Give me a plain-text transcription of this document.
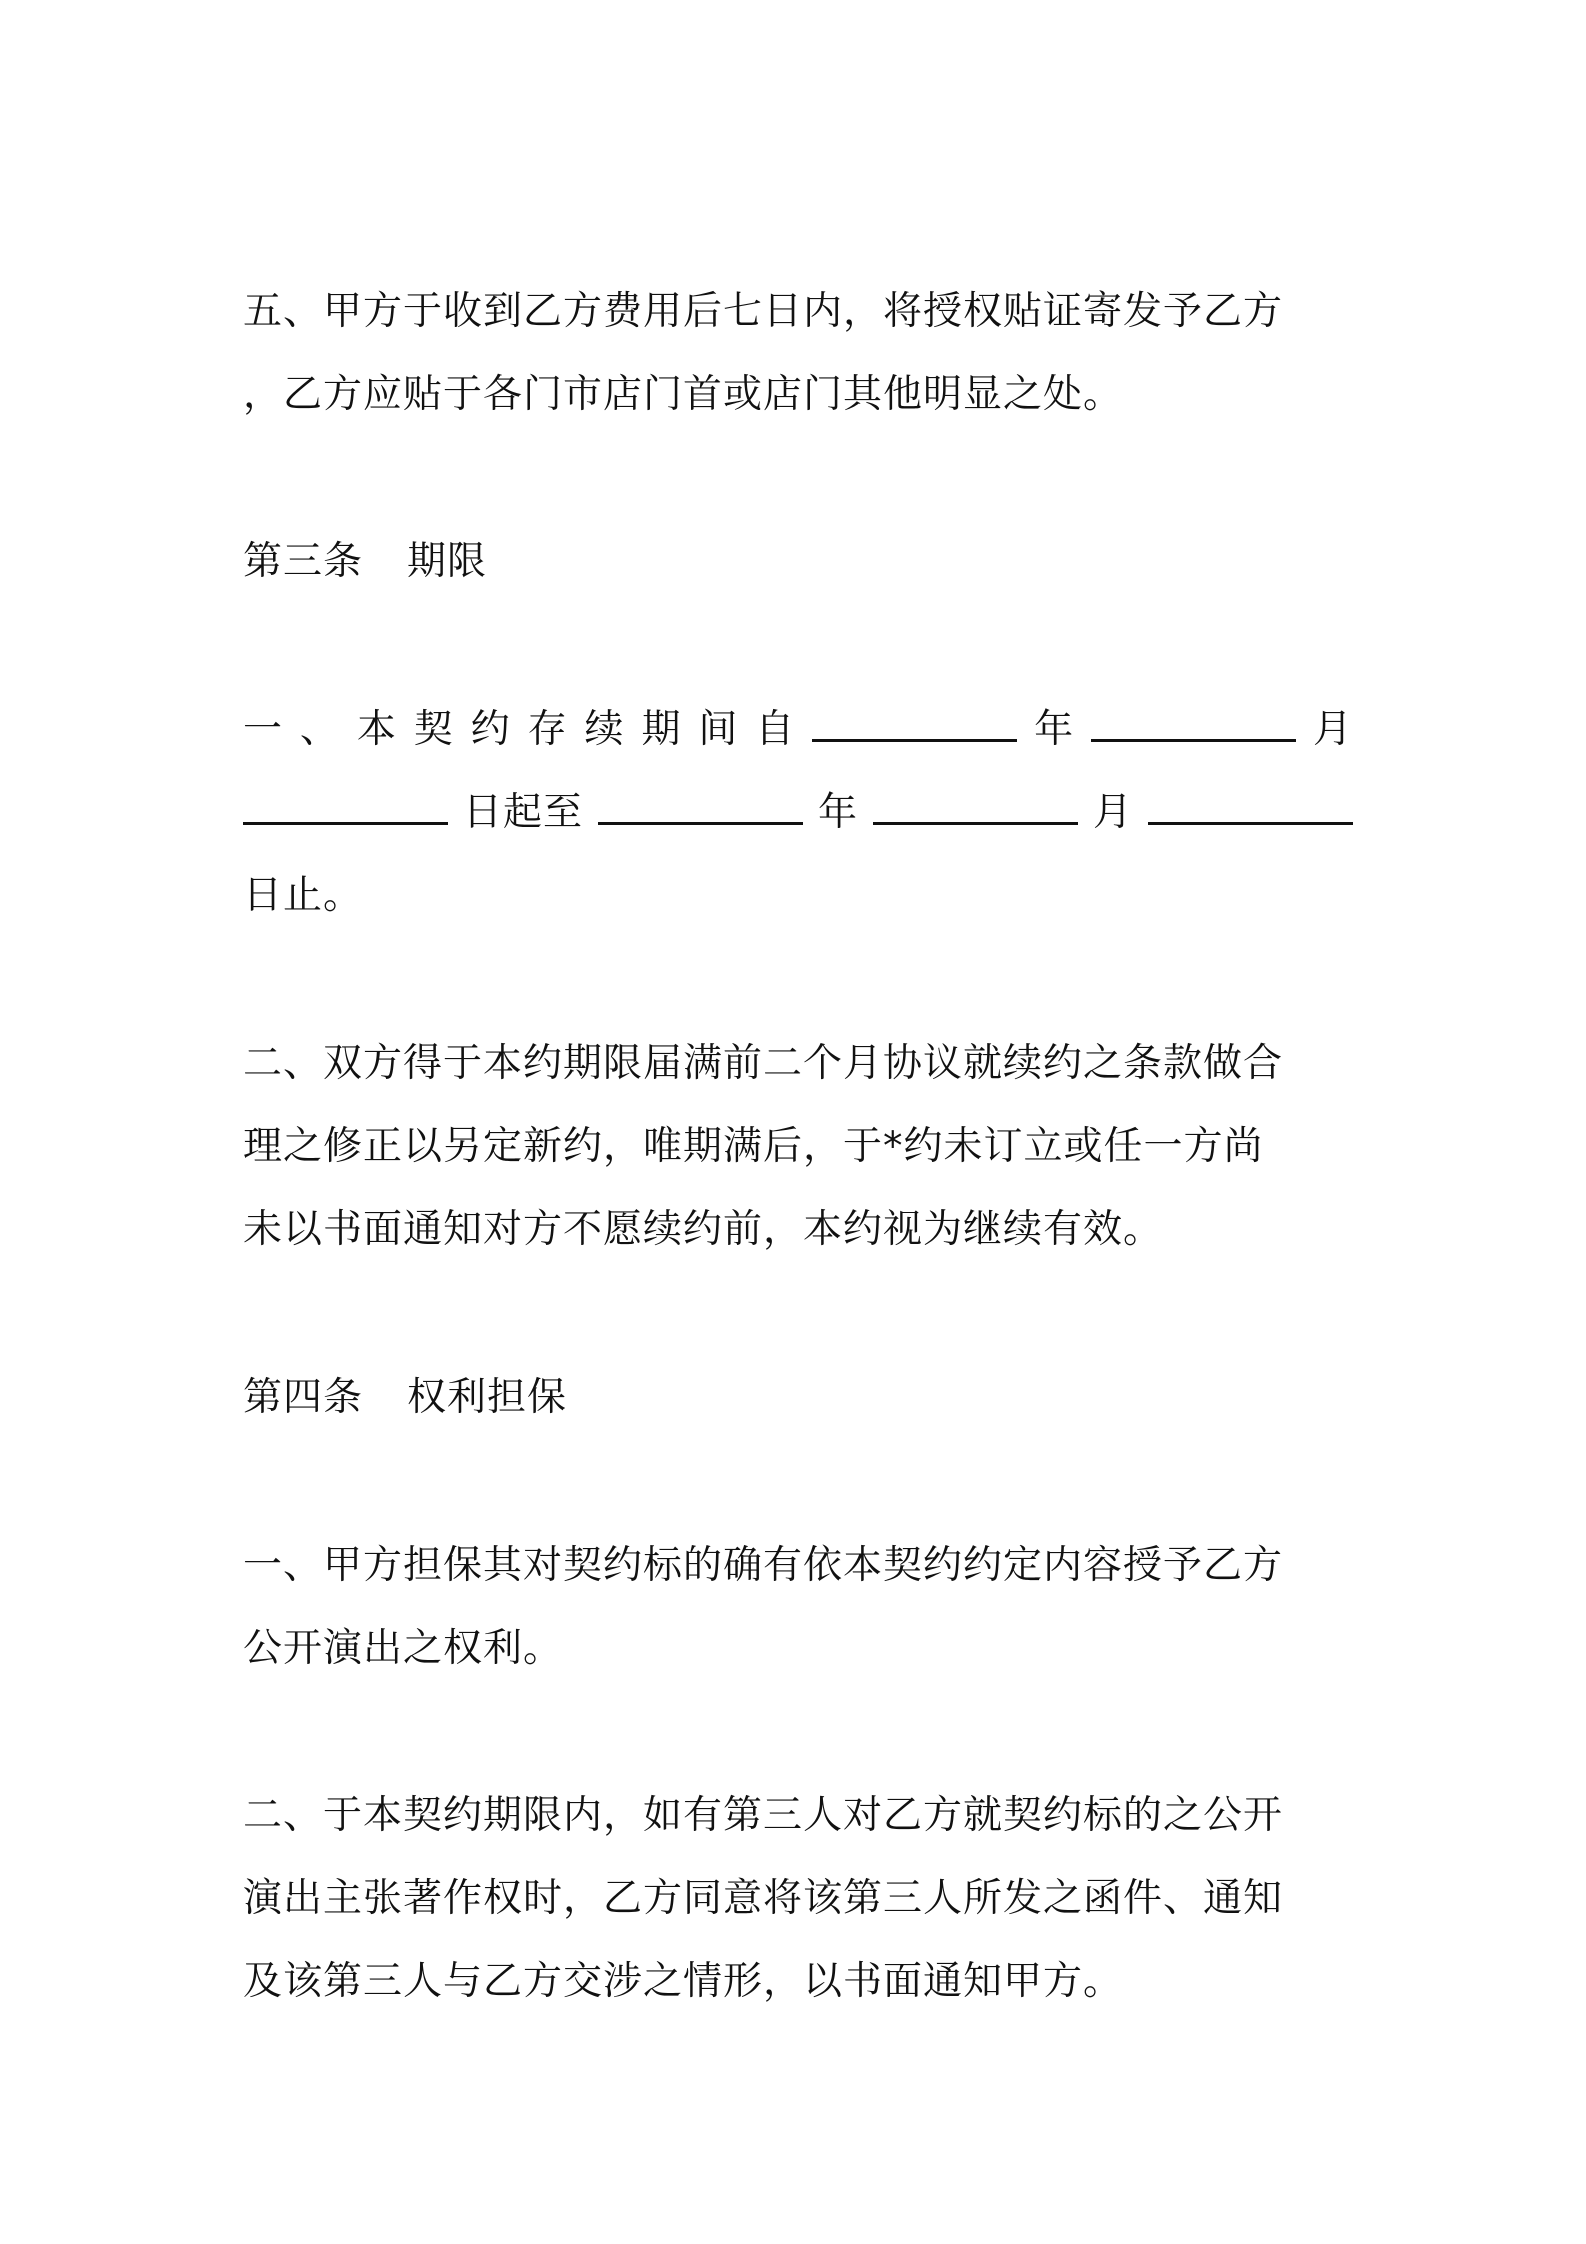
五、甲方于收到乙方费用后七日内，将授权贴证寄发予乙方
，乙方应贴于各门市店门首或店门其他明显之处。
第三条 期限
一 、 本 契 约 存 续 期 间 自	年	月
日起至	年	月
日止。
二、双方得于本约期限届满前二个月协议就续约之条款做合
理之修正以另定新约，唯期满后，于*约未订立或任一方尚
未以书面通知对方不愿续约前，本约视为继续有效。
第四条 权利担保
一、甲方担保其对契约标的确有依本契约约定内容授予乙方
公开演出之权利。
二、于本契约期限内，如有第三人对乙方就契约标的之公开
演出主张著作权时，乙方同意将该第三人所发之函件、通知
及该第三人与乙方交涉之情形，以书面通知甲方。
